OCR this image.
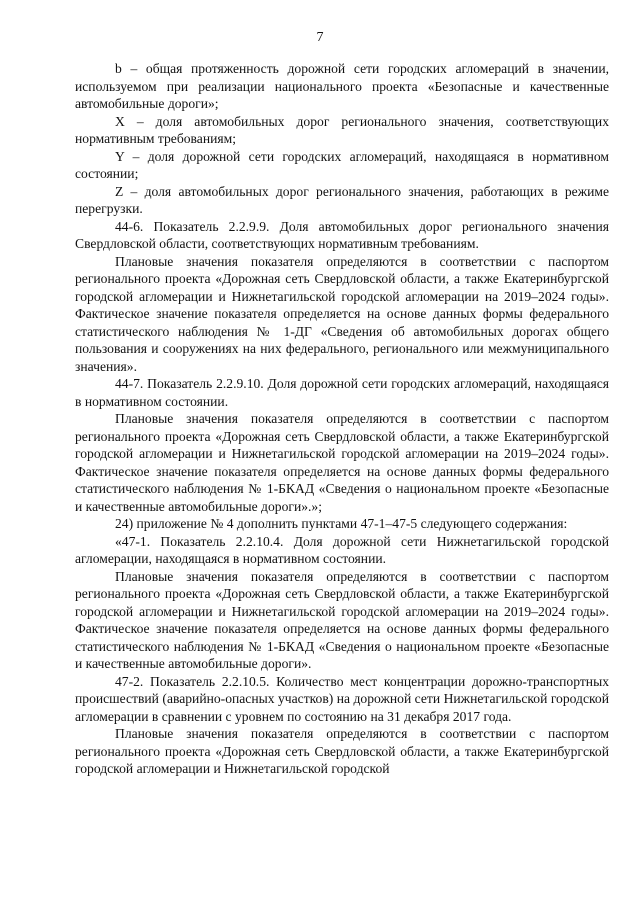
7

b – общая протяженность дорожной сети городских агломераций в значении, используемом при реализации национального проекта «Безопасные и качественные автомобильные дороги»;

X – доля автомобильных дорог регионального значения, соответствующих нормативным требованиям;

Y – доля дорожной сети городских агломераций, находящаяся в нормативном состоянии;

Z – доля автомобильных дорог регионального значения, работающих в режиме перегрузки.

44-6. Показатель 2.2.9.9. Доля автомобильных дорог регионального значения Свердловской области, соответствующих нормативным требованиям.

Плановые значения показателя определяются в соответствии с паспортом регионального проекта «Дорожная сеть Свердловской области, а также Екатеринбургской городской агломерации и Нижнетагильской городской агломерации на 2019–2024 годы». Фактическое значение показателя определяется на основе данных формы федерального статистического наблюдения № 1-ДГ «Сведения об автомобильных дорогах общего пользования и сооружениях на них федерального, регионального или межмуниципального значения».

44-7. Показатель 2.2.9.10. Доля дорожной сети городских агломераций, находящаяся в нормативном состоянии.

Плановые значения показателя определяются в соответствии с паспортом регионального проекта «Дорожная сеть Свердловской области, а также Екатеринбургской городской агломерации и Нижнетагильской городской агломерации на 2019–2024 годы». Фактическое значение показателя определяется на основе данных формы федерального статистического наблюдения № 1-БКАД «Сведения о национальном проекте «Безопасные и качественные автомобильные дороги».»;

24) приложение № 4 дополнить пунктами 47-1–47-5 следующего содержания:

«47-1. Показатель 2.2.10.4. Доля дорожной сети Нижнетагильской городской агломерации, находящаяся в нормативном состоянии.

Плановые значения показателя определяются в соответствии с паспортом регионального проекта «Дорожная сеть Свердловской области, а также Екатеринбургской городской агломерации и Нижнетагильской городской агломерации на 2019–2024 годы». Фактическое значение показателя определяется на основе данных формы федерального статистического наблюдения № 1-БКАД «Сведения о национальном проекте «Безопасные и качественные автомобильные дороги».

47-2. Показатель 2.2.10.5. Количество мест концентрации дорожно-транспортных происшествий (аварийно-опасных участков) на дорожной сети Нижнетагильской городской агломерации в сравнении с уровнем по состоянию на 31 декабря 2017 года.

Плановые значения показателя определяются в соответствии с паспортом регионального проекта «Дорожная сеть Свердловской области, а также Екатеринбургской городской агломерации и Нижнетагильской городской
